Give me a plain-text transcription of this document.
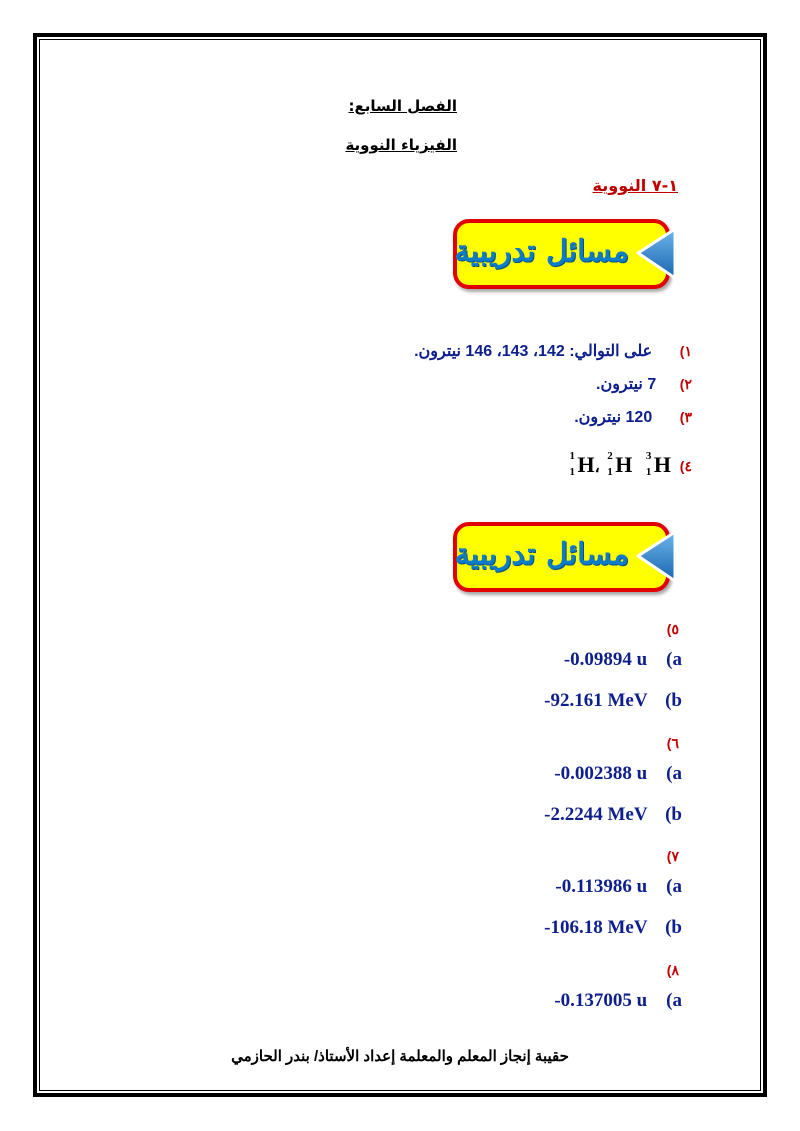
الفصل السابع:
الفيزياء النووية
١-٧ النووية
مسائل تدريبية
١) على التوالي: 142، 143، 146 نيترون.
٢) 7 نيترون.
٣) 120 نيترون.
٤)
1
1 H،
2
1 H 3
1 H
مسائل تدريبية
٥)
-0.09894 u (a
-92.161 MeV (b
٦)
-0.002388 u (a
-2.2244 MeV (b
٧)
-0.113986 u (a
-106.18 MeV (b
٨)
-0.137005 u (a
حقيبة إنجاز المعلم والمعلمة إعداد الأستاذ/ بندر الحازمي
